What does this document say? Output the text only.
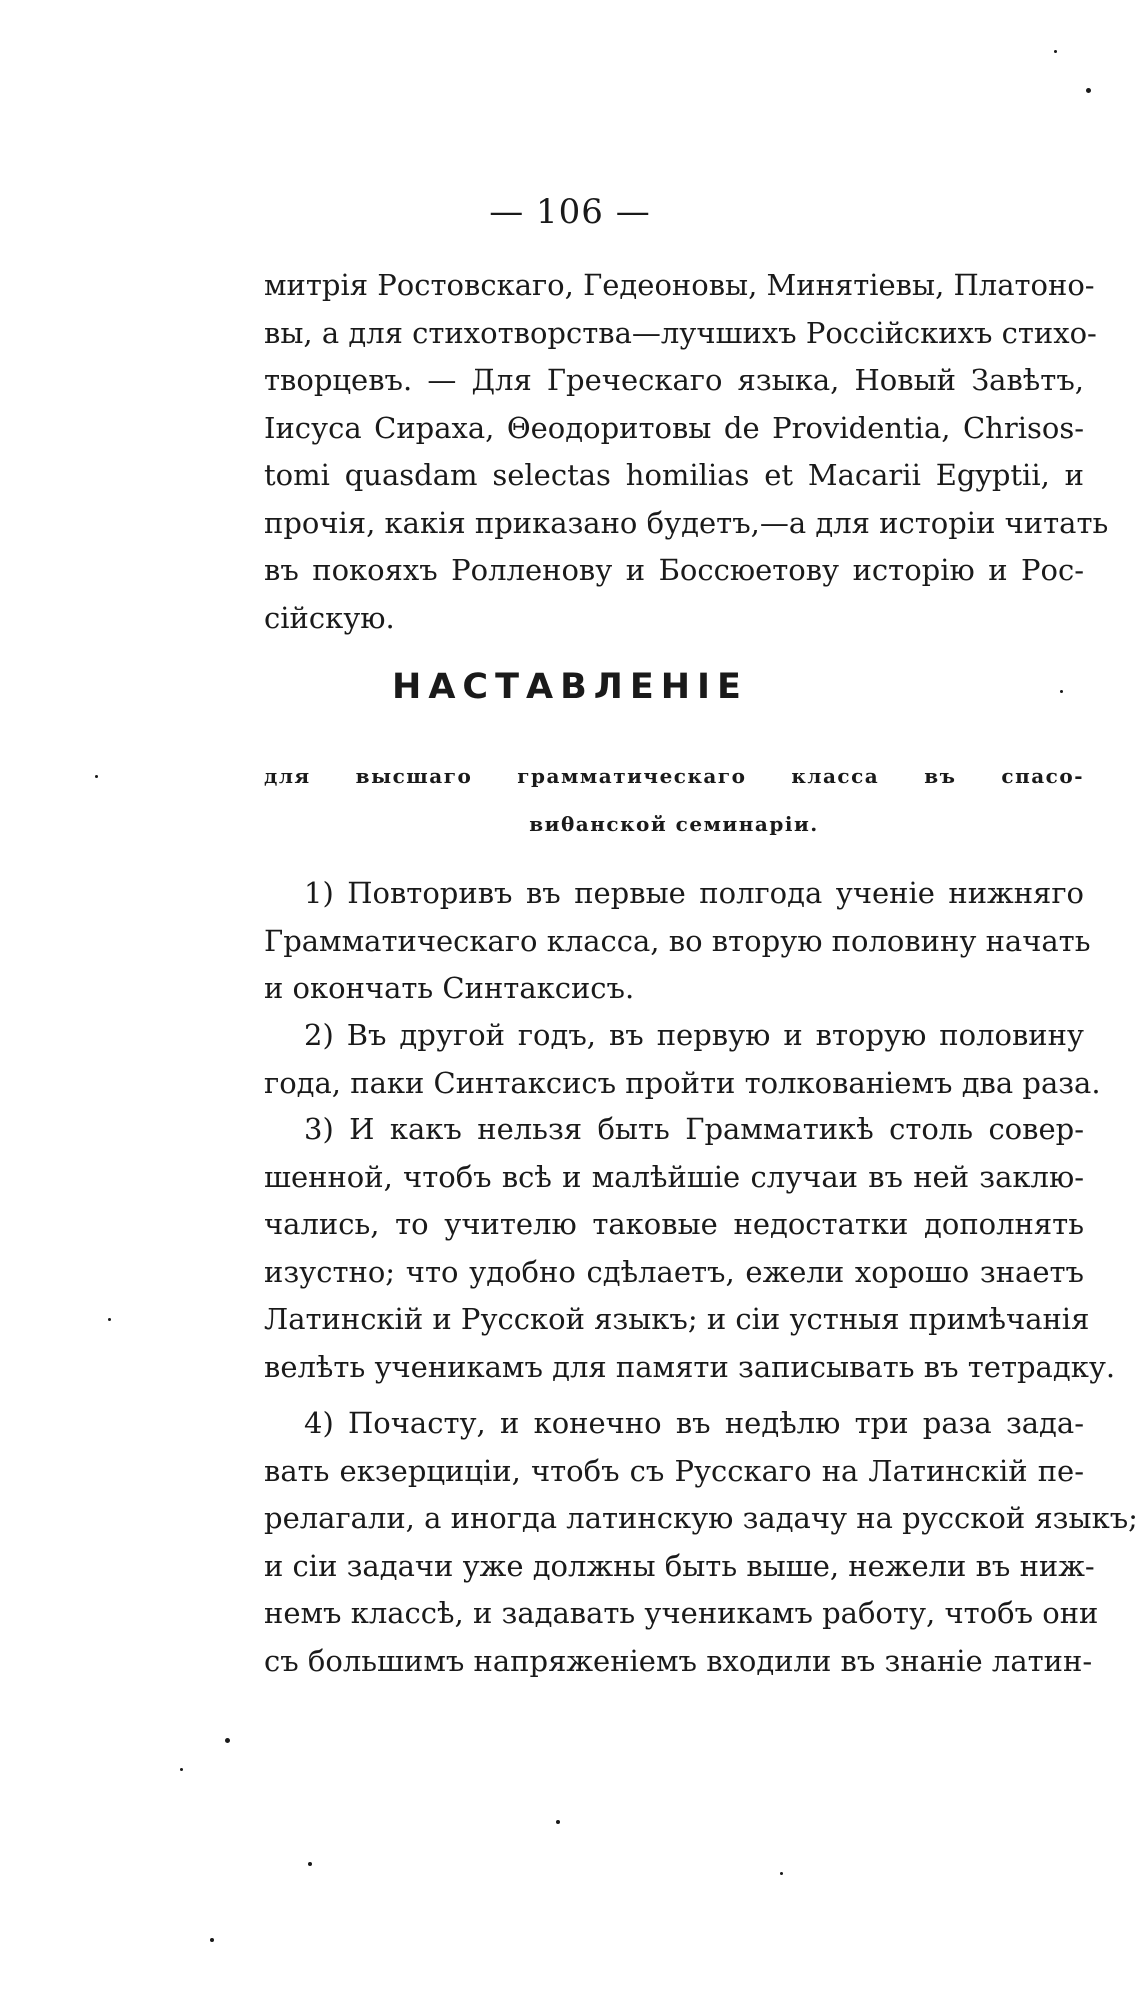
— 106 —
митрія Ростовскаго, Гедеоновы, Минятіевы, Платоно-
вы, а для стихотворства—лучшихъ Россійскихъ стихо-
творцевъ. — Для Греческаго языка, Новый Завѣтъ,
Іисуса Сираха, Θеодоритовы de Providentia, Chrisos-
tomi quasdam selectas homilias et Macarii Egyptii, и
прочія, какія приказано будетъ,—а для исторіи читать
въ покояхъ Ролленову и Боссюетову исторію и Рос-
сійскую.
НАСТАВЛЕНІЕ
для высшаго грамматическаго класса въ спасо-
виθанской семинаріи.
1) Повторивъ въ первые полгода ученіе нижняго
Грамматическаго класса, во вторую половину начать
и окончать Синтаксисъ.
2) Въ другой годъ, въ первую и вторую половину
года, паки Синтаксисъ пройти толкованіемъ два раза.
3) И какъ нельзя быть Грамматикѣ столь совер-
шенной, чтобъ всѣ и малѣйшіе случаи въ ней заклю-
чались, то учителю таковые недостатки дополнять
изустно; что удобно сдѣлаетъ, ежели хорошо знаетъ
Латинскій и Русской языкъ; и сіи устныя примѣчанія
велѣть ученикамъ для памяти записывать въ тетрадку.
4) Почасту, и конечно въ недѣлю три раза зада-
вать екзерциціи, чтобъ съ Русскаго на Латинскій пе-
релагали, а иногда латинскую задачу на русской языкъ;
и сіи задачи уже должны быть выше, нежели въ ниж-
немъ классѣ, и задавать ученикамъ работу, чтобъ они
съ большимъ напряженіемъ входили въ знаніе латин-
